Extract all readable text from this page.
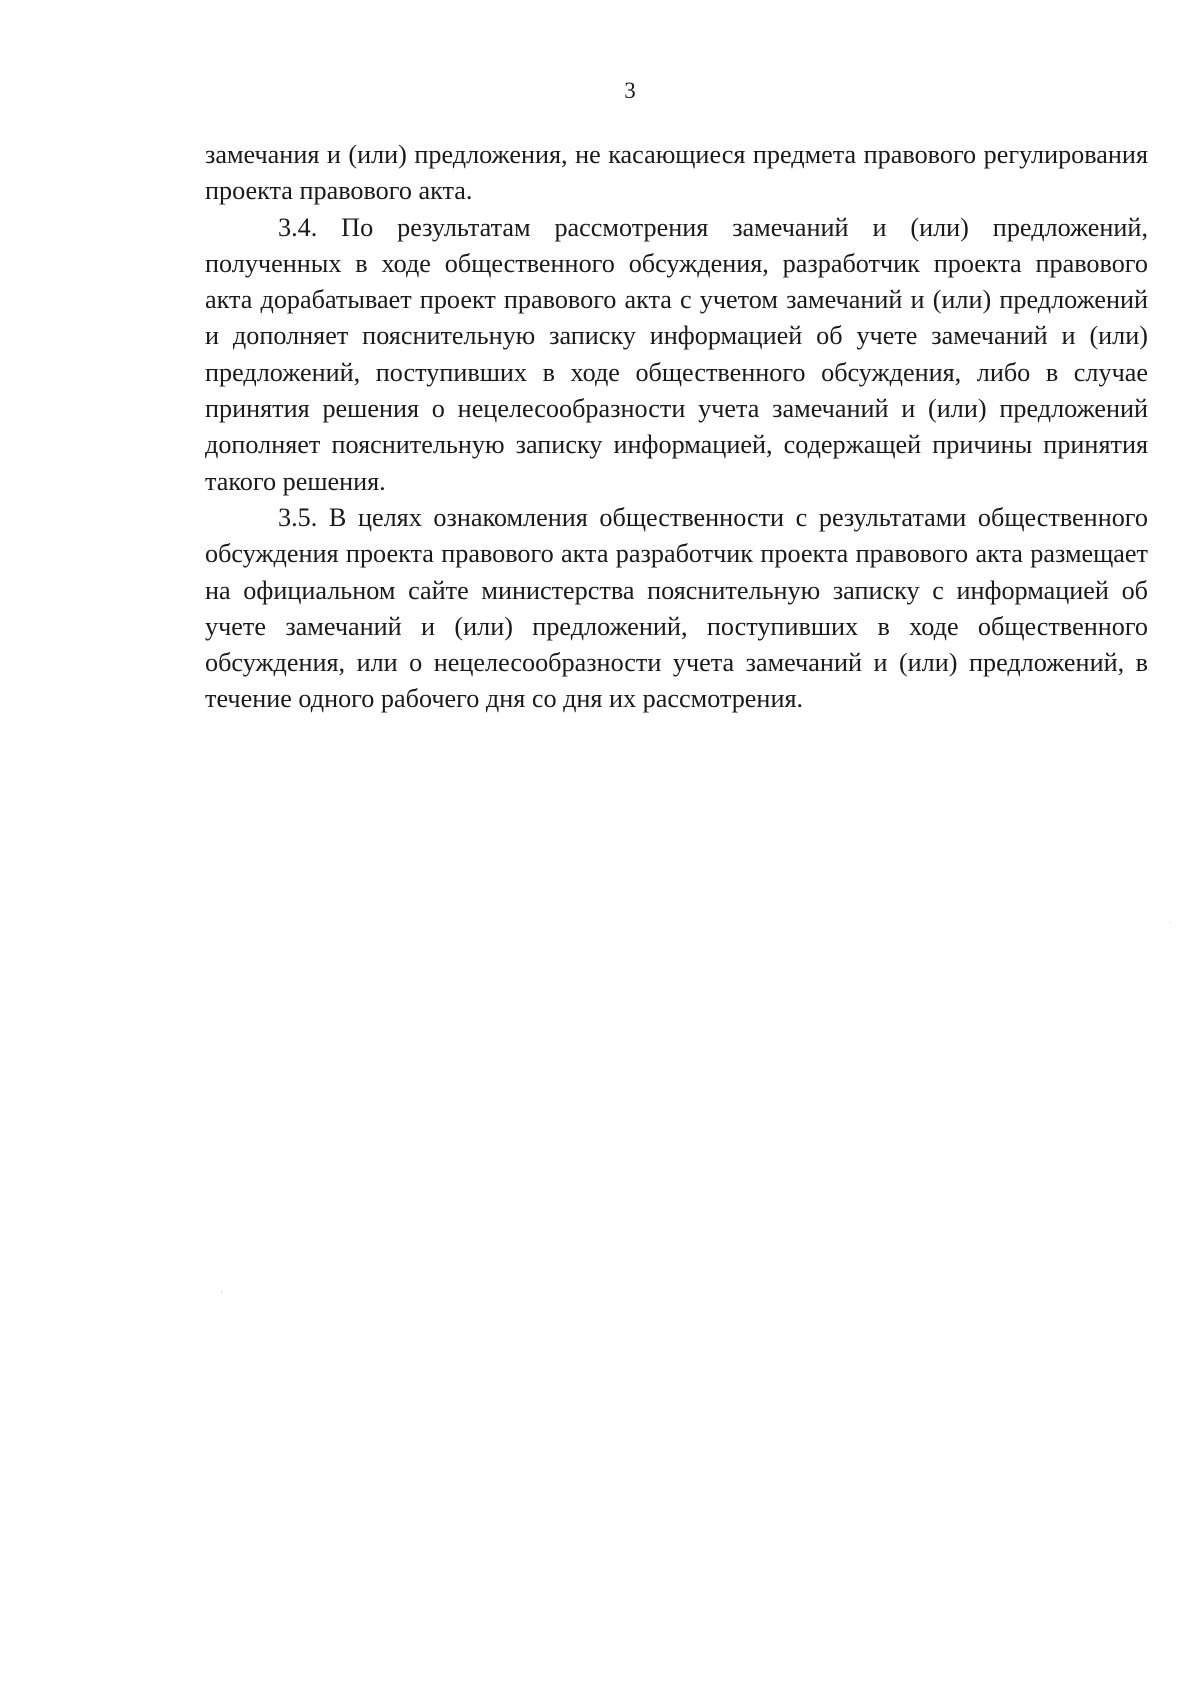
3

замечания и (или) предложения, не касающиеся предмета правового регулирования проекта правового акта.

3.4. По результатам рассмотрения замечаний и (или) предложений, полученных в ходе общественного обсуждения, разработчик проекта правового акта дорабатывает проект правового акта с учетом замечаний и (или) предложений и дополняет пояснительную записку информацией об учете замечаний и (или) предложений, поступивших в ходе общественного обсуждения, либо в случае принятия решения о нецелесообразности учета замечаний и (или) предложений дополняет пояснительную записку информацией, содержащей причины принятия такого решения.

3.5. В целях ознакомления общественности с результатами общественного обсуждения проекта правового акта разработчик проекта правового акта размещает на официальном сайте министерства пояснительную записку с информацией об учете замечаний и (или) предложений, поступивших в ходе общественного обсуждения, или о нецелесообразности учета замечаний и (или) предложений, в течение одного рабочего дня со дня их рассмотрения.
